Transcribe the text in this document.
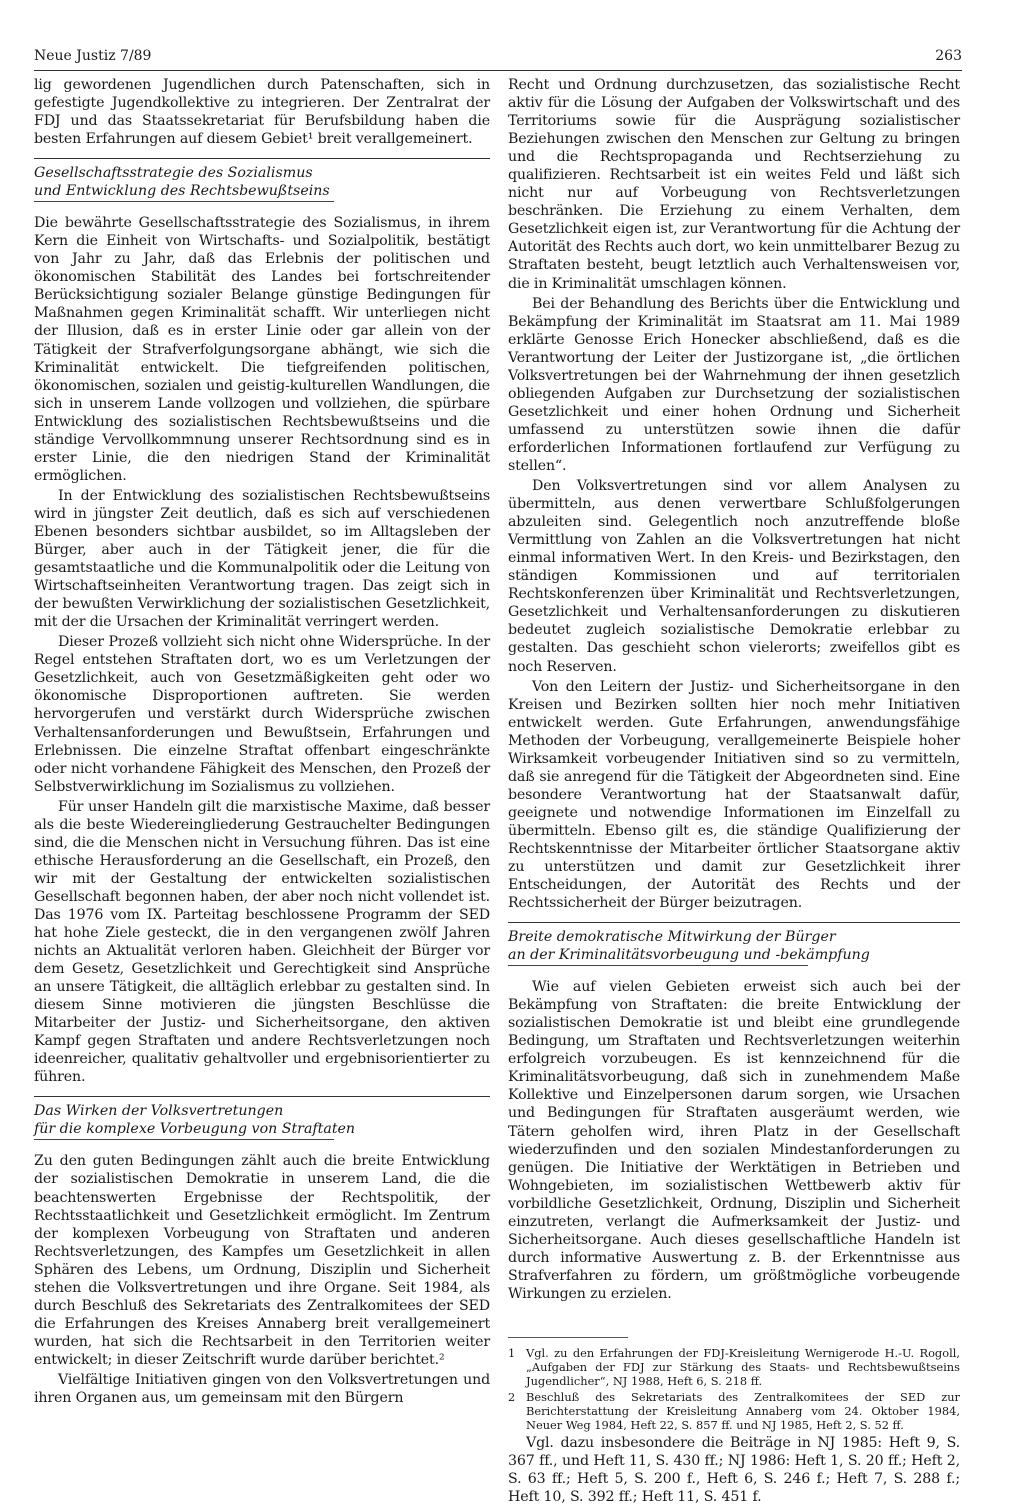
Neue Justiz 7/89	263

lig gewordenen Jugendlichen durch Patenschaften, sich in gefestigte Jugendkollektive zu integrieren. Der Zentralrat der FDJ und das Staatssekretariat für Berufsbildung haben die besten Erfahrungen auf diesem Gebiet¹ breit verallgemeinert.

Gesellschaftsstrategie des Sozialismus
und Entwicklung des Rechtsbewußtseins

Die bewährte Gesellschaftsstrategie des Sozialismus, in ihrem Kern die Einheit von Wirtschafts- und Sozialpolitik, bestätigt von Jahr zu Jahr, daß das Erlebnis der politischen und ökonomischen Stabilität des Landes bei fortschreitender Berücksichtigung sozialer Belange günstige Bedingungen für Maßnahmen gegen Kriminalität schafft. Wir unterliegen nicht der Illusion, daß es in erster Linie oder gar allein von der Tätigkeit der Strafverfolgungsorgane abhängt, wie sich die Kriminalität entwickelt. Die tiefgreifenden politischen, ökonomischen, sozialen und geistig-kulturellen Wandlungen, die sich in unserem Lande vollzogen und vollziehen, die spürbare Entwicklung des sozialistischen Rechtsbewußtseins und die ständige Vervollkommnung unserer Rechtsordnung sind es in erster Linie, die den niedrigen Stand der Kriminalität ermöglichen.

In der Entwicklung des sozialistischen Rechtsbewußtseins wird in jüngster Zeit deutlich, daß es sich auf verschiedenen Ebenen besonders sichtbar ausbildet, so im Alltagsleben der Bürger, aber auch in der Tätigkeit jener, die für die gesamtstaatliche und die Kommunalpolitik oder die Leitung von Wirtschaftseinheiten Verantwortung tragen. Das zeigt sich in der bewußten Verwirklichung der sozialistischen Gesetzlichkeit, mit der die Ursachen der Kriminalität verringert werden.

Dieser Prozeß vollzieht sich nicht ohne Widersprüche. In der Regel entstehen Straftaten dort, wo es um Verletzungen der Gesetzlichkeit, auch von Gesetzmäßigkeiten geht oder wo ökonomische Disproportionen auftreten. Sie werden hervorgerufen und verstärkt durch Widersprüche zwischen Verhaltensanforderungen und Bewußtsein, Erfahrungen und Erlebnissen. Die einzelne Straftat offenbart eingeschränkte oder nicht vorhandene Fähigkeit des Menschen, den Prozeß der Selbstverwirklichung im Sozialismus zu vollziehen.

Für unser Handeln gilt die marxistische Maxime, daß besser als die beste Wiedereingliederung Gestrauchelter Bedingungen sind, die die Menschen nicht in Versuchung führen. Das ist eine ethische Herausforderung an die Gesellschaft, ein Prozeß, den wir mit der Gestaltung der entwickelten sozialistischen Gesellschaft begonnen haben, der aber noch nicht vollendet ist. Das 1976 vom IX. Parteitag beschlossene Programm der SED hat hohe Ziele gesteckt, die in den vergangenen zwölf Jahren nichts an Aktualität verloren haben. Gleichheit der Bürger vor dem Gesetz, Gesetzlichkeit und Gerechtigkeit sind Ansprüche an unsere Tätigkeit, die alltäglich erlebbar zu gestalten sind. In diesem Sinne motivieren die jüngsten Beschlüsse die Mitarbeiter der Justiz- und Sicherheitsorgane, den aktiven Kampf gegen Straftaten und andere Rechtsverletzungen noch ideenreicher, qualitativ gehaltvoller und ergebnisorientierter zu führen.

Das Wirken der Volksvertretungen
für die komplexe Vorbeugung von Straftaten

Zu den guten Bedingungen zählt auch die breite Entwicklung der sozialistischen Demokratie in unserem Land, die die beachtenswerten Ergebnisse der Rechtspolitik, der Rechtsstaatlichkeit und Gesetzlichkeit ermöglicht. Im Zentrum der komplexen Vorbeugung von Straftaten und anderen Rechtsverletzungen, des Kampfes um Gesetzlichkeit in allen Sphären des Lebens, um Ordnung, Disziplin und Sicherheit stehen die Volksvertretungen und ihre Organe. Seit 1984, als durch Beschluß des Sekretariats des Zentralkomitees der SED die Erfahrungen des Kreises Annaberg breit verallgemeinert wurden, hat sich die Rechtsarbeit in den Territorien weiter entwickelt; in dieser Zeitschrift wurde darüber berichtet.²

Vielfältige Initiativen gingen von den Volksvertretungen und ihren Organen aus, um gemeinsam mit den Bürgern

Recht und Ordnung durchzusetzen, das sozialistische Recht aktiv für die Lösung der Aufgaben der Volkswirtschaft und des Territoriums sowie für die Ausprägung sozialistischer Beziehungen zwischen den Menschen zur Geltung zu bringen und die Rechtspropaganda und Rechtserziehung zu qualifizieren. Rechtsarbeit ist ein weites Feld und läßt sich nicht nur auf Vorbeugung von Rechtsverletzungen beschränken. Die Erziehung zu einem Verhalten, dem Gesetzlichkeit eigen ist, zur Verantwortung für die Achtung der Autorität des Rechts auch dort, wo kein unmittelbarer Bezug zu Straftaten besteht, beugt letztlich auch Verhaltensweisen vor, die in Kriminalität umschlagen können.

Bei der Behandlung des Berichts über die Entwicklung und Bekämpfung der Kriminalität im Staatsrat am 11. Mai 1989 erklärte Genosse Erich Honecker abschließend, daß es die Verantwortung der Leiter der Justizorgane ist, „die örtlichen Volksvertretungen bei der Wahrnehmung der ihnen gesetzlich obliegenden Aufgaben zur Durchsetzung der sozialistischen Gesetzlichkeit und einer hohen Ordnung und Sicherheit umfassend zu unterstützen sowie ihnen die dafür erforderlichen Informationen fortlaufend zur Verfügung zu stellen“.

Den Volksvertretungen sind vor allem Analysen zu übermitteln, aus denen verwertbare Schlußfolgerungen abzuleiten sind. Gelegentlich noch anzutreffende bloße Vermittlung von Zahlen an die Volksvertretungen hat nicht einmal informativen Wert. In den Kreis- und Bezirkstagen, den ständigen Kommissionen und auf territorialen Rechtskonferenzen über Kriminalität und Rechtsverletzungen, Gesetzlichkeit und Verhaltensanforderungen zu diskutieren bedeutet zugleich sozialistische Demokratie erlebbar zu gestalten. Das geschieht schon vielerorts; zweifellos gibt es noch Reserven.

Von den Leitern der Justiz- und Sicherheitsorgane in den Kreisen und Bezirken sollten hier noch mehr Initiativen entwickelt werden. Gute Erfahrungen, anwendungsfähige Methoden der Vorbeugung, verallgemeinerte Beispiele hoher Wirksamkeit vorbeugender Initiativen sind so zu vermitteln, daß sie anregend für die Tätigkeit der Abgeordneten sind. Eine besondere Verantwortung hat der Staatsanwalt dafür, geeignete und notwendige Informationen im Einzelfall zu übermitteln. Ebenso gilt es, die ständige Qualifizierung der Rechtskenntnisse der Mitarbeiter örtlicher Staatsorgane aktiv zu unterstützen und damit zur Gesetzlichkeit ihrer Entscheidungen, der Autorität des Rechts und der Rechtssicherheit der Bürger beizutragen.

Breite demokratische Mitwirkung der Bürger
an der Kriminalitätsvorbeugung und -bekämpfung

Wie auf vielen Gebieten erweist sich auch bei der Bekämpfung von Straftaten: die breite Entwicklung der sozialistischen Demokratie ist und bleibt eine grundlegende Bedingung, um Straftaten und Rechtsverletzungen weiterhin erfolgreich vorzubeugen. Es ist kennzeichnend für die Kriminalitätsvorbeugung, daß sich in zunehmendem Maße Kollektive und Einzelpersonen darum sorgen, wie Ursachen und Bedingungen für Straftaten ausgeräumt werden, wie Tätern geholfen wird, ihren Platz in der Gesellschaft wiederzufinden und den sozialen Mindestanforderungen zu genügen. Die Initiative der Werktätigen in Betrieben und Wohngebieten, im sozialistischen Wettbewerb aktiv für vorbildliche Gesetzlichkeit, Ordnung, Disziplin und Sicherheit einzutreten, verlangt die Aufmerksamkeit der Justiz- und Sicherheitsorgane. Auch dieses gesellschaftliche Handeln ist durch informative Auswertung z. B. der Erkenntnisse aus Strafverfahren zu fördern, um größtmögliche vorbeugende Wirkungen zu erzielen.

1 Vgl. zu den Erfahrungen der FDJ-Kreisleitung Wernigerode H.-U. Rogoll, „Aufgaben der FDJ zur Stärkung des Staats- und Rechtsbewußtseins Jugendlicher“, NJ 1988, Heft 6, S. 218 ff.
2 Beschluß des Sekretariats des Zentralkomitees der SED zur Berichterstattung der Kreisleitung Annaberg vom 24. Oktober 1984, Neuer Weg 1984, Heft 22, S. 857 ff. und NJ 1985, Heft 2, S. 52 ff.

Vgl. dazu insbesondere die Beiträge in NJ 1985: Heft 9, S. 367 ff., und Heft 11, S. 430 ff.; NJ 1986: Heft 1, S. 20 ff.; Heft 2, S. 63 ff.; Heft 5, S. 200 f., Heft 6, S. 246 f.; Heft 7, S. 288 f.; Heft 10, S. 392 ff.; Heft 11, S. 451 f.
